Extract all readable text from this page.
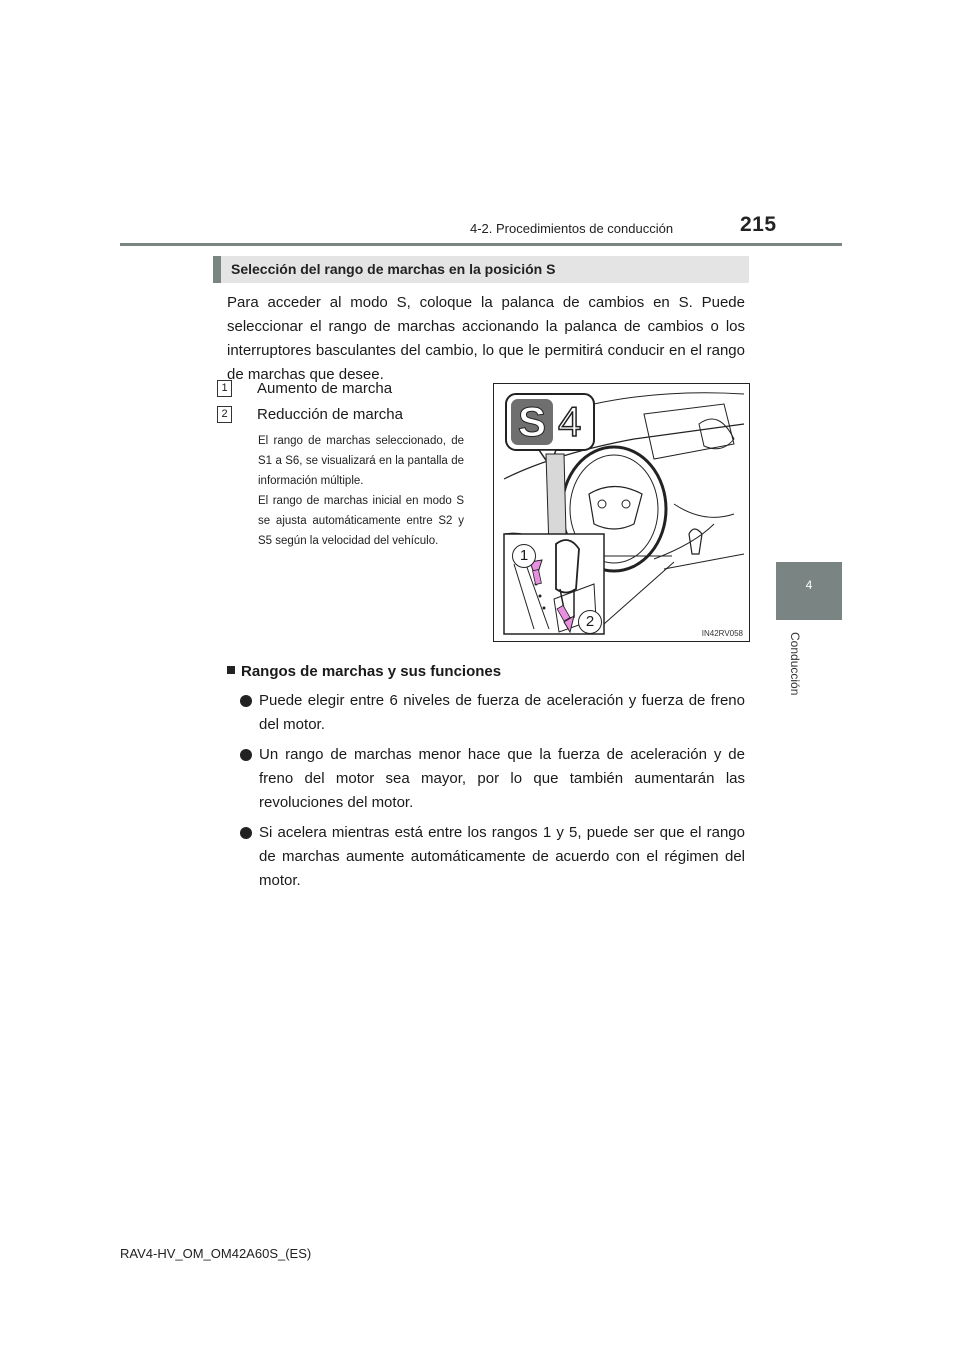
4-2. Procedimientos de conducción	215
4
Conducción
Selección del rango de marchas en la posición S

Para acceder al modo S, coloque la palanca de cambios en S. Puede seleccionar el rango de marchas accionando la palanca de cambios o los interruptores basculantes del cambio, lo que le permitirá conducir en el rango de marchas que desee.

1 Aumento de marcha
2 Reducción de marcha

El rango de marchas seleccionado, de S1 a S6, se visualizará en la pantalla de información múltiple.
El rango de marchas inicial en modo S se ajusta automáticamente entre S2 y S5 según la velocidad del vehículo.

S 4
1
2
IN42RV058
Rangos de marchas y sus funciones
Puede elegir entre 6 niveles de fuerza de aceleración y fuerza de freno del motor.
Un rango de marchas menor hace que la fuerza de aceleración y de freno del motor sea mayor, por lo que también aumentarán las revoluciones del motor.
Si acelera mientras está entre los rangos 1 y 5, puede ser que el rango de marchas aumente automáticamente de acuerdo con el régimen del motor.
RAV4-HV_OM_OM42A60S_(ES)
